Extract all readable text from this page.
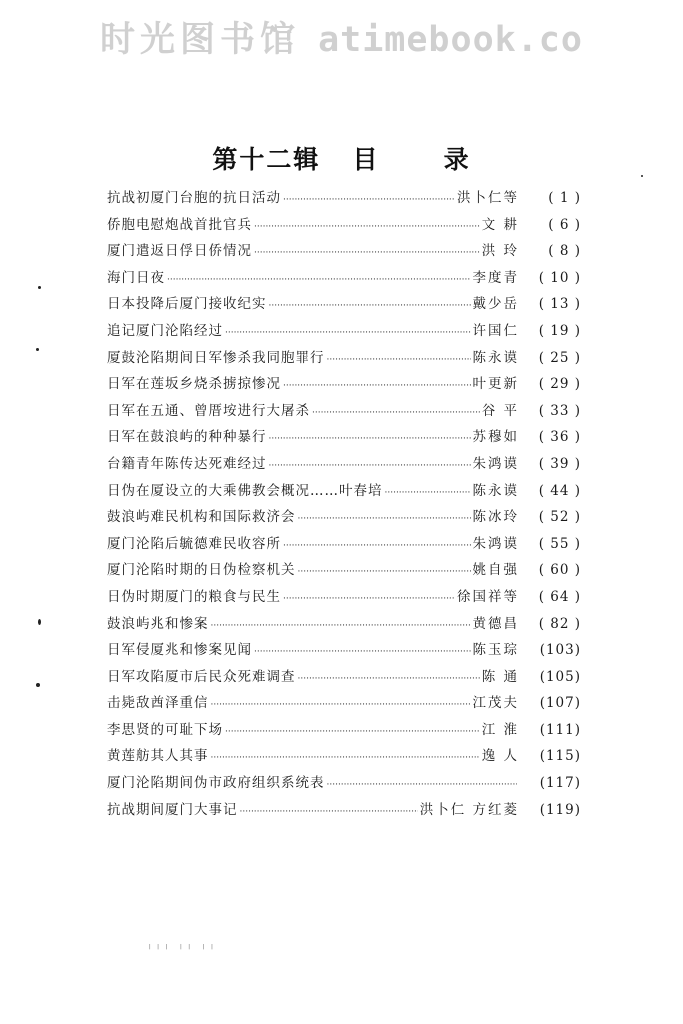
时光图书馆 atimebook.co
第十二辑   目      录
抗战初厦门台胞的抗日活动 ·····	洪卜仁等	( 1 )
侨胞电慰炮战首批官兵 ·····	文 耕	( 6 )
厦门遣返日俘日侨情况 ·····	洪 玲	( 8 )
海门日夜 ·····	李度青	( 10 )
日本投降后厦门接收纪实 ·····	戴少岳	( 13 )
追记厦门沦陷经过 ·····	许国仁	( 19 )
厦鼓沦陷期间日军惨杀我同胞罪行 ·····	陈永谟	( 25 )
日军在莲坂乡烧杀掳掠惨况 ·····	叶更新	( 29 )
日军在五通、曾厝垵进行大屠杀 ·····	谷 平	( 33 )
日军在鼓浪屿的种种暴行 ·····	苏穆如	( 36 )
台籍青年陈传达死难经过 ·····	朱鸿谟	( 39 )
日伪在厦设立的大乘佛教会概况……叶春培 ·····	陈永谟	( 44 )
鼓浪屿难民机构和国际救济会 ·····	陈冰玲	( 52 )
厦门沦陷后毓德难民收容所 ·····	朱鸿谟	( 55 )
厦门沦陷时期的日伪检察机关 ·····	姚自强	( 60 )
日伪时期厦门的粮食与民生 ·····	徐国祥等	( 64 )
鼓浪屿兆和惨案 ·····	黄德昌	( 82 )
日军侵厦兆和惨案见闻 ·····	陈玉琮	(103)
日军攻陷厦市后民众死难调查 ·····	陈 通	(105)
击毙敌酋泽重信 ·····	江茂夫	(107)
李思贤的可耻下场 ·····	江 淮	(111)
黄莲舫其人其事 ·····	逸 人	(115)
厦门沦陷期间伪市政府组织系统表 ·····	(117)
抗战期间厦门大事记 ·····	洪卜仁 方红菱	(119)
╷╷╷ ╷╷ ╷╷
